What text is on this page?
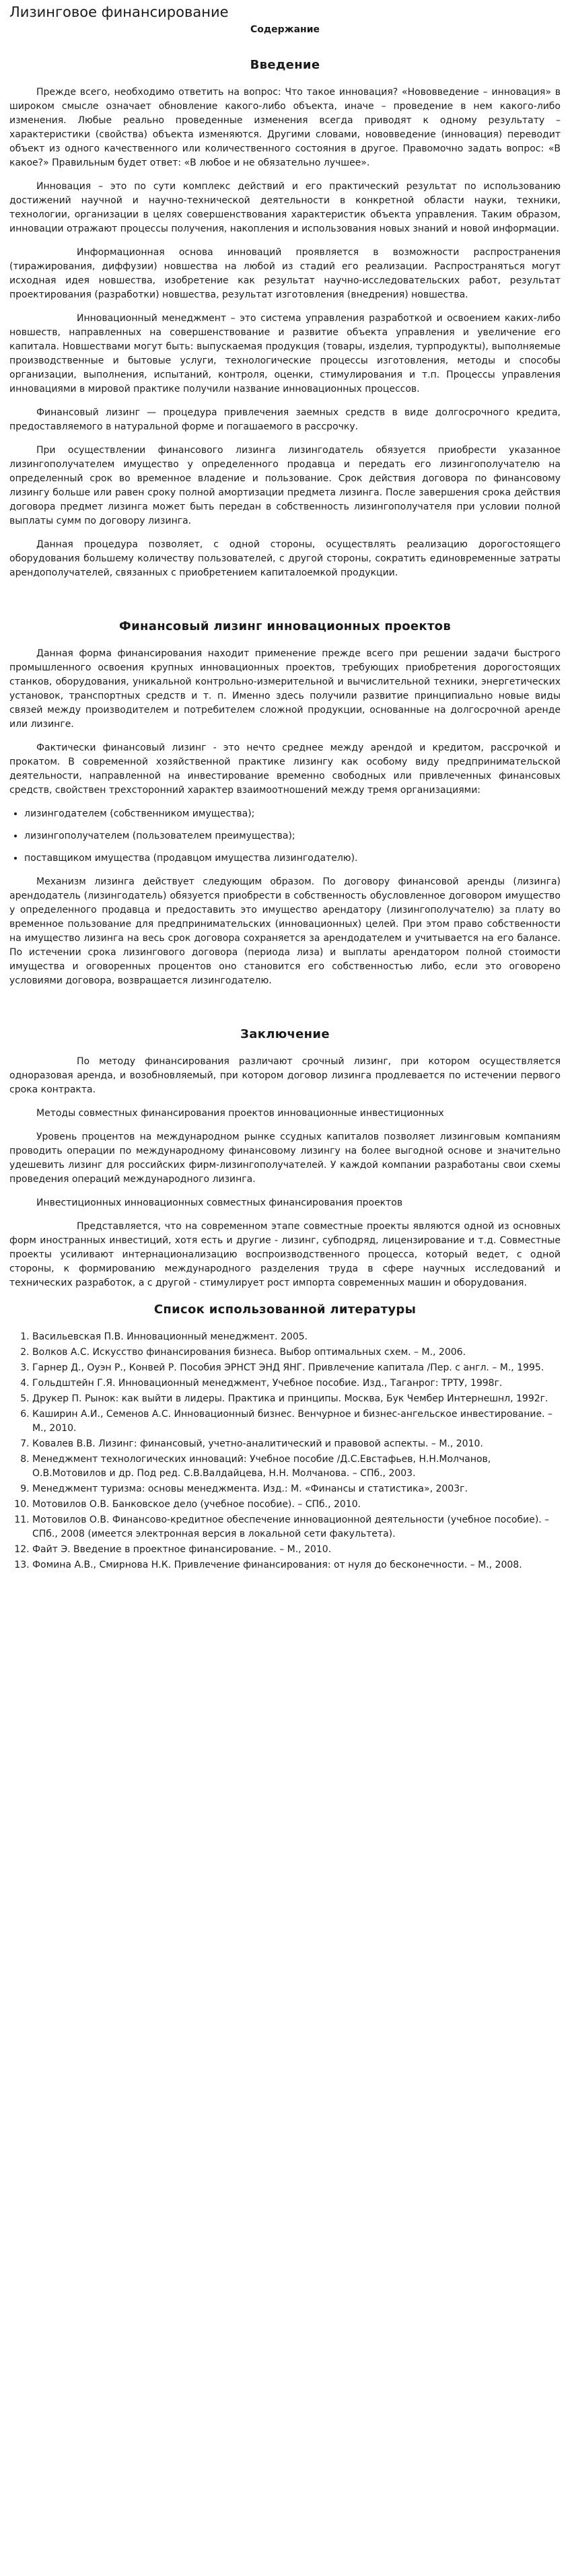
Лизинговое финансирование
Содержание
Введение

Прежде всего, необходимо ответить на вопрос: Что такое инновация? «Нововведение – инновация» в широком смысле означает обновление какого-либо объекта, иначе – проведение в нем какого-либо изменения. Любые реально проведенные изменения всегда приводят к одному результату – характеристики (свойства) объекта изменяются. Другими словами, нововведение (инновация) переводит объект из одного качественного или количественного состояния в другое. Правомочно задать вопрос: «В какое?» Правильным будет ответ: «В любое и не обязательно лучшее».

Инновация – это по сути комплекс действий и его практический результат по использованию достижений научной и научно-технической деятельности в конкретной области науки, техники, технологии, организации в целях совершенствования характеристик объекта управления. Таким образом, инновации отражают процессы получения, накопления и использования новых знаний и новой информации.

Информационная основа инноваций проявляется в возможности распространения (тиражирования, диффузии) новшества на любой из стадий его реализации. Распространяться могут исходная идея новшества, изобретение как результат научно-исследовательских работ, результат проектирования (разработки) новшества, результат изготовления (внедрения) новшества.

Инновационный менеджмент – это система управления разработкой и освоением каких-либо новшеств, направленных на совершенствование и развитие объекта управления и увеличение его капитала. Новшествами могут быть: выпускаемая продукция (товары, изделия, турпродукты), выполняемые производственные и бытовые услуги, технологические процессы изготовления, методы и способы организации, выполнения, испытаний, контроля, оценки, стимулирования и т.п. Процессы управления инновациями в мировой практике получили название инновационных процессов.

Финансовый лизинг — процедура привлечения заемных средств в виде долгосрочного кредита, предоставляемого в натуральной форме и погашаемого в рассрочку.

При осуществлении финансового лизинга лизингодатель обязуется приобрести указанное лизингополучателем имущество у определенного продавца и передать его лизингополучателю на определенный срок во временное владение и пользование. Срок действия договора по финансовому лизингу больше или равен сроку полной амортизации предмета лизинга. После завершения срока действия договора предмет лизинга может быть передан в собственность лизингополучателя при условии полной выплаты сумм по договору лизинга.

Данная процедура позволяет, с одной стороны, осуществлять реализацию дорогостоящего оборудования большему количеству пользователей, с другой стороны, сократить единовременные затраты арендополучателей, связанных с приобретением капиталоемкой продукции.

Финансовый лизинг инновационных проектов

Данная форма финансирования находит применение прежде всего при решении задачи быстрого промышленного освоения крупных инновационных проектов, требующих приобретения дорогостоящих станков, оборудования, уникальной контрольно-измерительной и вычислительной техники, энергетических установок, транспортных средств и т. п. Именно здесь получили развитие принципиально новые виды связей между производителем и потребителем сложной продукции, основанные на долгосрочной аренде или лизинге.

Фактически финансовый лизинг - это нечто среднее между арендой и кредитом, рассрочкой и прокатом. В современной хозяйственной практике лизингу как особому виду предпринимательской деятельности, направленной на инвестирование временно свободных или привлеченных финансовых средств, свойствен трехсторонний характер взаимоотношений между тремя организациями:

• лизингодателем (собственником имущества);
• лизингополучателем (пользователем преимущества);
• поставщиком имущества (продавцом имущества лизингодателю).

Механизм лизинга действует следующим образом. По договору финансовой аренды (лизинга) арендодатель (лизингодатель) обязуется приобрести в собственность обусловленное договором имущество у определенного продавца и предоставить это имущество арендатору (лизингополучателю) за плату во временное пользование для предпринимательских (инновационных) целей. При этом право собственности на имущество лизинга на весь срок договора сохраняется за арендодателем и учитывается на его балансе. По истечении срока лизингового договора (периода лиза) и выплаты арендатором полной стоимости имущества и оговоренных процентов оно становится его собственностью либо, если это оговорено условиями договора, возвращается лизингодателю.

Заключение

По методу финансирования различают срочный лизинг, при котором осуществляется одноразовая аренда, и возобновляемый, при котором договор лизинга продлевается по истечении первого срока контракта.

Методы совместных финансирования проектов инновационные инвестиционных

Уровень процентов на международном рынке ссудных капиталов позволяет лизинговым компаниям проводить операции по международному финансовому лизингу на более выгодной основе и значительно удешевить лизинг для российских фирм-лизингополучателей. У каждой компании разработаны свои схемы проведения операций международного лизинга.

Инвестиционных инновационных совместных финансирования проектов

Представляется, что на современном этапе совместные проекты являются одной из основных форм иностранных инвестиций, хотя есть и другие - лизинг, субподряд, лицензирование и т.д. Совместные проекты усиливают интернационализацию воспроизводственного процесса, который ведет, с одной стороны, к формированию международного разделения труда в сфере научных исследований и технических разработок, а с другой - стимулирует рост импорта современных машин и оборудования.

Список использованной литературы
1. Васильевская П.В. Инновационный менеджмент. 2005.
2. Волков А.С. Искусство финансирования бизнеса. Выбор оптимальных схем. – М., 2006.
3. Гарнер Д., Оуэн Р., Конвей Р. Пособия ЭРНСТ ЭНД ЯНГ. Привлечение капитала /Пер. с англ. – М., 1995.
4. Гольдштейн Г.Я. Инновационный менеджмент, Учебное пособие. Изд., Таганрог: ТРТУ, 1998г.
5. Друкер П. Рынок: как выйти в лидеры. Практика и принципы. Москва, Бук Чембер Интернешнл, 1992г.
6. Каширин А.И., Семенов А.С. Инновационный бизнес. Венчурное и бизнес-ангельское инвестирование. – М., 2010.
7. Ковалев В.В. Лизинг: финансовый, учетно-аналитический и правовой аспекты. – М., 2010.
8. Менеджмент технологических инноваций: Учебное пособие /Д.С.Евстафьев, Н.Н.Молчанов, О.В.Мотовилов и др. Под ред. С.В.Валдайцева, Н.Н. Молчанова. – СПб., 2003.
9. Менеджмент туризма: основы менеджмента. Изд.: М. «Финансы и статистика», 2003г.
10. Мотовилов О.В. Банковское дело (учебное пособие). – СПб., 2010.
11. Мотовилов О.В. Финансово-кредитное обеспечение инновационной деятельности (учебное пособие). – СПб., 2008 (имеется электронная версия в локальной сети факультета).
12. Файт Э. Введение в проектное финансирование. – М., 2010.
13. Фомина А.В., Смирнова Н.К. Привлечение финансирования: от нуля до бесконечности. – М., 2008.
